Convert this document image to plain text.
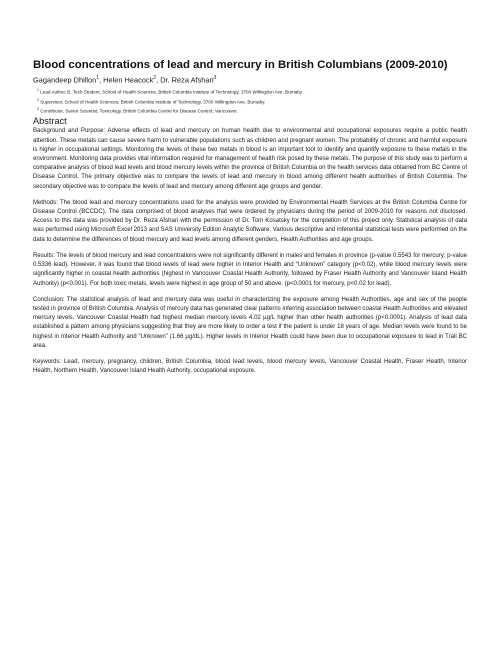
Blood concentrations of lead and mercury in British Columbians (2009-2010)
Gagandeep Dhillon$^1$, Helen Heacock$^2$, Dr. Reza Afshari$^3$
$^1$ Lead Author, B. Tech Student, School of Health Sciences, British Columbia Institute of Technology, 3700 Willingdon Ave, Burnaby .
$^2$ Supervisor, School of Health Sciences, British Columbia Institute of Technology, 3700 Willingdon Ave, Burnaby.
$^3$ Contributor, Senior Scientist, Toxicology, British Columbia Centre for Disease Control, Vancouver.
Abstract

Background and Purpose: Adverse effects of lead and mercury on human health due to environmental and occupational exposures require a public health attention. These metals can cause severe harm to vulnerable populations such as children and pregnant women. The probability of chronic and harmful exposure is higher in occupational settings. Monitoring the levels of these two metals in blood is an important tool to identify and quantify exposure to these metals in the environment. Monitoring data provides vital information required for management of health risk posed by these metals. The purpose of this study was to perform a comparative analysis of blood lead levels and blood mercury levels within the province of British Columbia on the health services data obtained from BC Centre of Disease Control. The primary objective was to compare the levels of lead and mercury in blood among different health authorities of British Columbia. The secondary objective was to compare the levels of lead and mercury among different age groups and gender.

Methods: The blood lead and mercury concentrations used for the analysis were provided by Environmental Health Services at the British Columbia Centre for Disease Control (BCCDC). The data comprised of blood analyses that were ordered by physicians during the period of 2009-2010 for reasons not disclosed. Access to this data was provided by Dr. Reza Afshari with the permission of Dr. Tom Kosatsky for the completion of this project only. Statistical analysis of data was performed using Microsoft Excel 2013 and SAS University Edition Analytic Software. Various descriptive and inferential statistical tests were performed on the data to determine the differences of blood mercury and lead levels among different genders, Health Authorities and age groups.

Results: The levels of blood mercury and lead concentrations were not significantly different in males and females in province (p-value 0.5543 for mercury; p-value 0.5336 lead). However, it was found that blood levels of lead were higher in Interior Health and “Unknown” category (p<0.02), while blood mercury levels were significantly higher in coastal health authorities (highest in Vancouver Coastal Health Authority, followed by Fraser Health Authority and Vancouver Island Health Authority) (p<0.001). For both toxic metals, levels were highest in age group of 50 and above. (p<0.0001 for mercury, p<0.02 for lead).

Conclusion: The statistical analysis of lead and mercury data was useful in characterizing the exposure among Health Authorities, age and sex of the people tested in province of British Columbia. Analysis of mercury data has generated clear patterns inferring association between coastal Health Authorities and elevated mercury levels. Vancouver Coastal Health had highest median mercury levels 4.02 µg/L higher than other health authorities (p<0.0001). Analysis of lead data established a pattern among physicians suggesting that they are more likely to order a test if the patient is under 18 years of age. Median levels were found to be highest in Interior Health Authority and “Unknown” (1.66 µg/dL). Higher levels in Interior Health could have been due to occupational exposure to lead in Trail BC area.

Keywords: Lead, mercury, pregnancy, children, British Columbia, blood lead levels, blood mercury levels, Vancouver Coastal Health, Fraser Health, Interior Health, Northern Health, Vancouver Island Health Authority, occupational exposure.
